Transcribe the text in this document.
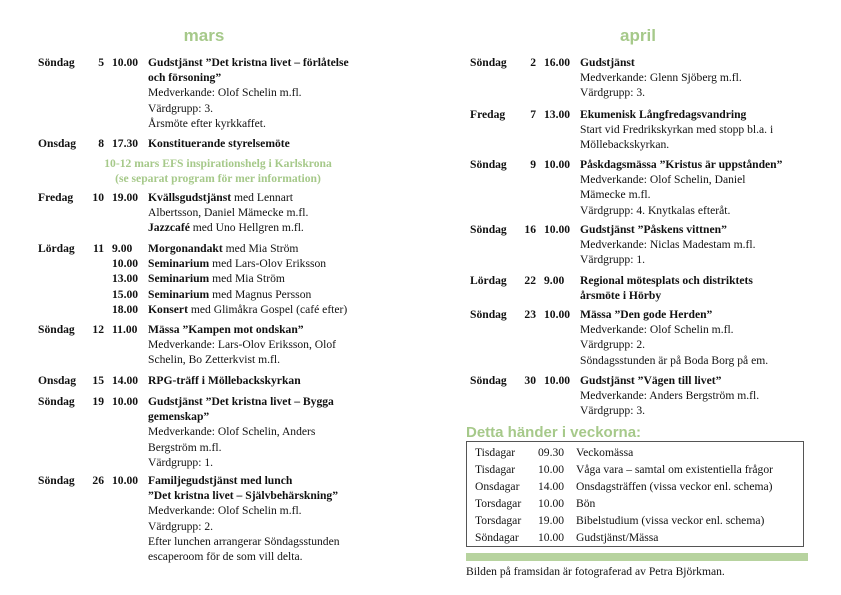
mars	april
Söndag	5 10.00 Gudstjänst ”Det kristna livet – förlåtelse
och försoning”
Medverkande: Olof Schelin m.fl.
Värdgrupp: 3.
Årsmöte efter kyrkkaffet.
Onsdag	8 17.30 Konstituerande styrelsemöte
Fredag 10 19.00 Kvällsgudstjänst med Lennart
Albertsson, Daniel Mämecke m.fl.
Jazzcafé med Uno Hellgren m.fl.
Lördag 11 9.00 Morgonandakt med Mia Ström
10.00 Seminarium med Lars-Olov Eriksson
13.00 Seminarium med Mia Ström
15.00 Seminarium med Magnus Persson
18.00 Konsert med Glimåkra Gospel (café efter)
Söndag 12 11.00 Mässa ”Kampen mot ondskan”
Medverkande: Lars-Olov Eriksson, Olof
Schelin, Bo Zetterkvist m.fl.
Onsdag 15 14.00 RPG-träff i Möllebackskyrkan
Söndag 19 10.00 Gudstjänst ”Det kristna livet – Bygga
gemenskap”
Medverkande: Olof Schelin, Anders
Bergström m.fl.
Värdgrupp: 1.
Söndag 26 10.00 Familjegudstjänst med lunch
”Det kristna livet – Självbehärskning”
Medverkande: Olof Schelin m.fl.
Värdgrupp: 2.
Efter lunchen arrangerar Söndagsstunden
escaperoom för de som vill delta.
10-12 mars EFS inspirationshelg i Karlskrona
(se separat program för mer information)
Söndag	2 16.00 Gudstjänst
Medverkande: Glenn Sjöberg m.fl.
Värdgrupp: 3.
Fredag	7 13.00 Ekumenisk Långfredagsvandring
Start vid Fredrikskyrkan med stopp bl.a. i
Möllebackskyrkan.
Söndag	9 10.00 Påskdagsmässa ”Kristus är uppstånden”
Medverkande: Olof Schelin, Daniel
Mämecke m.fl.
Värdgrupp: 4. Knytkalas efteråt.
Söndag 16 10.00 Gudstjänst ”Påskens vittnen”
Medverkande: Niclas Madestam m.fl.
Värdgrupp: 1.
Lördag 22 9.00 Regional mötesplats och distriktets
årsmöte i Hörby
Söndag 23 10.00 Mässa ”Den gode Herden”
Medverkande: Olof Schelin m.fl.
Värdgrupp: 2.
Söndagsstunden är på Boda Borg på em.
Söndag 30 10.00 Gudstjänst ”Vägen till livet”
Medverkande: Anders Bergström m.fl.
Värdgrupp: 3.
Detta händer i veckorna:
Tisdagar 09.30 Veckomässa
Tisdagar 10.00 Våga vara – samtal om existentiella frågor
Onsdagar 14.00 Onsdagsträffen (vissa veckor enl. schema)
Torsdagar 10.00 Bön
Torsdagar 19.00 Bibelstudium (vissa veckor enl. schema)
Söndagar 10.00 Gudstjänst/Mässa
Bilden på framsidan är fotograferad av Petra Björkman.
